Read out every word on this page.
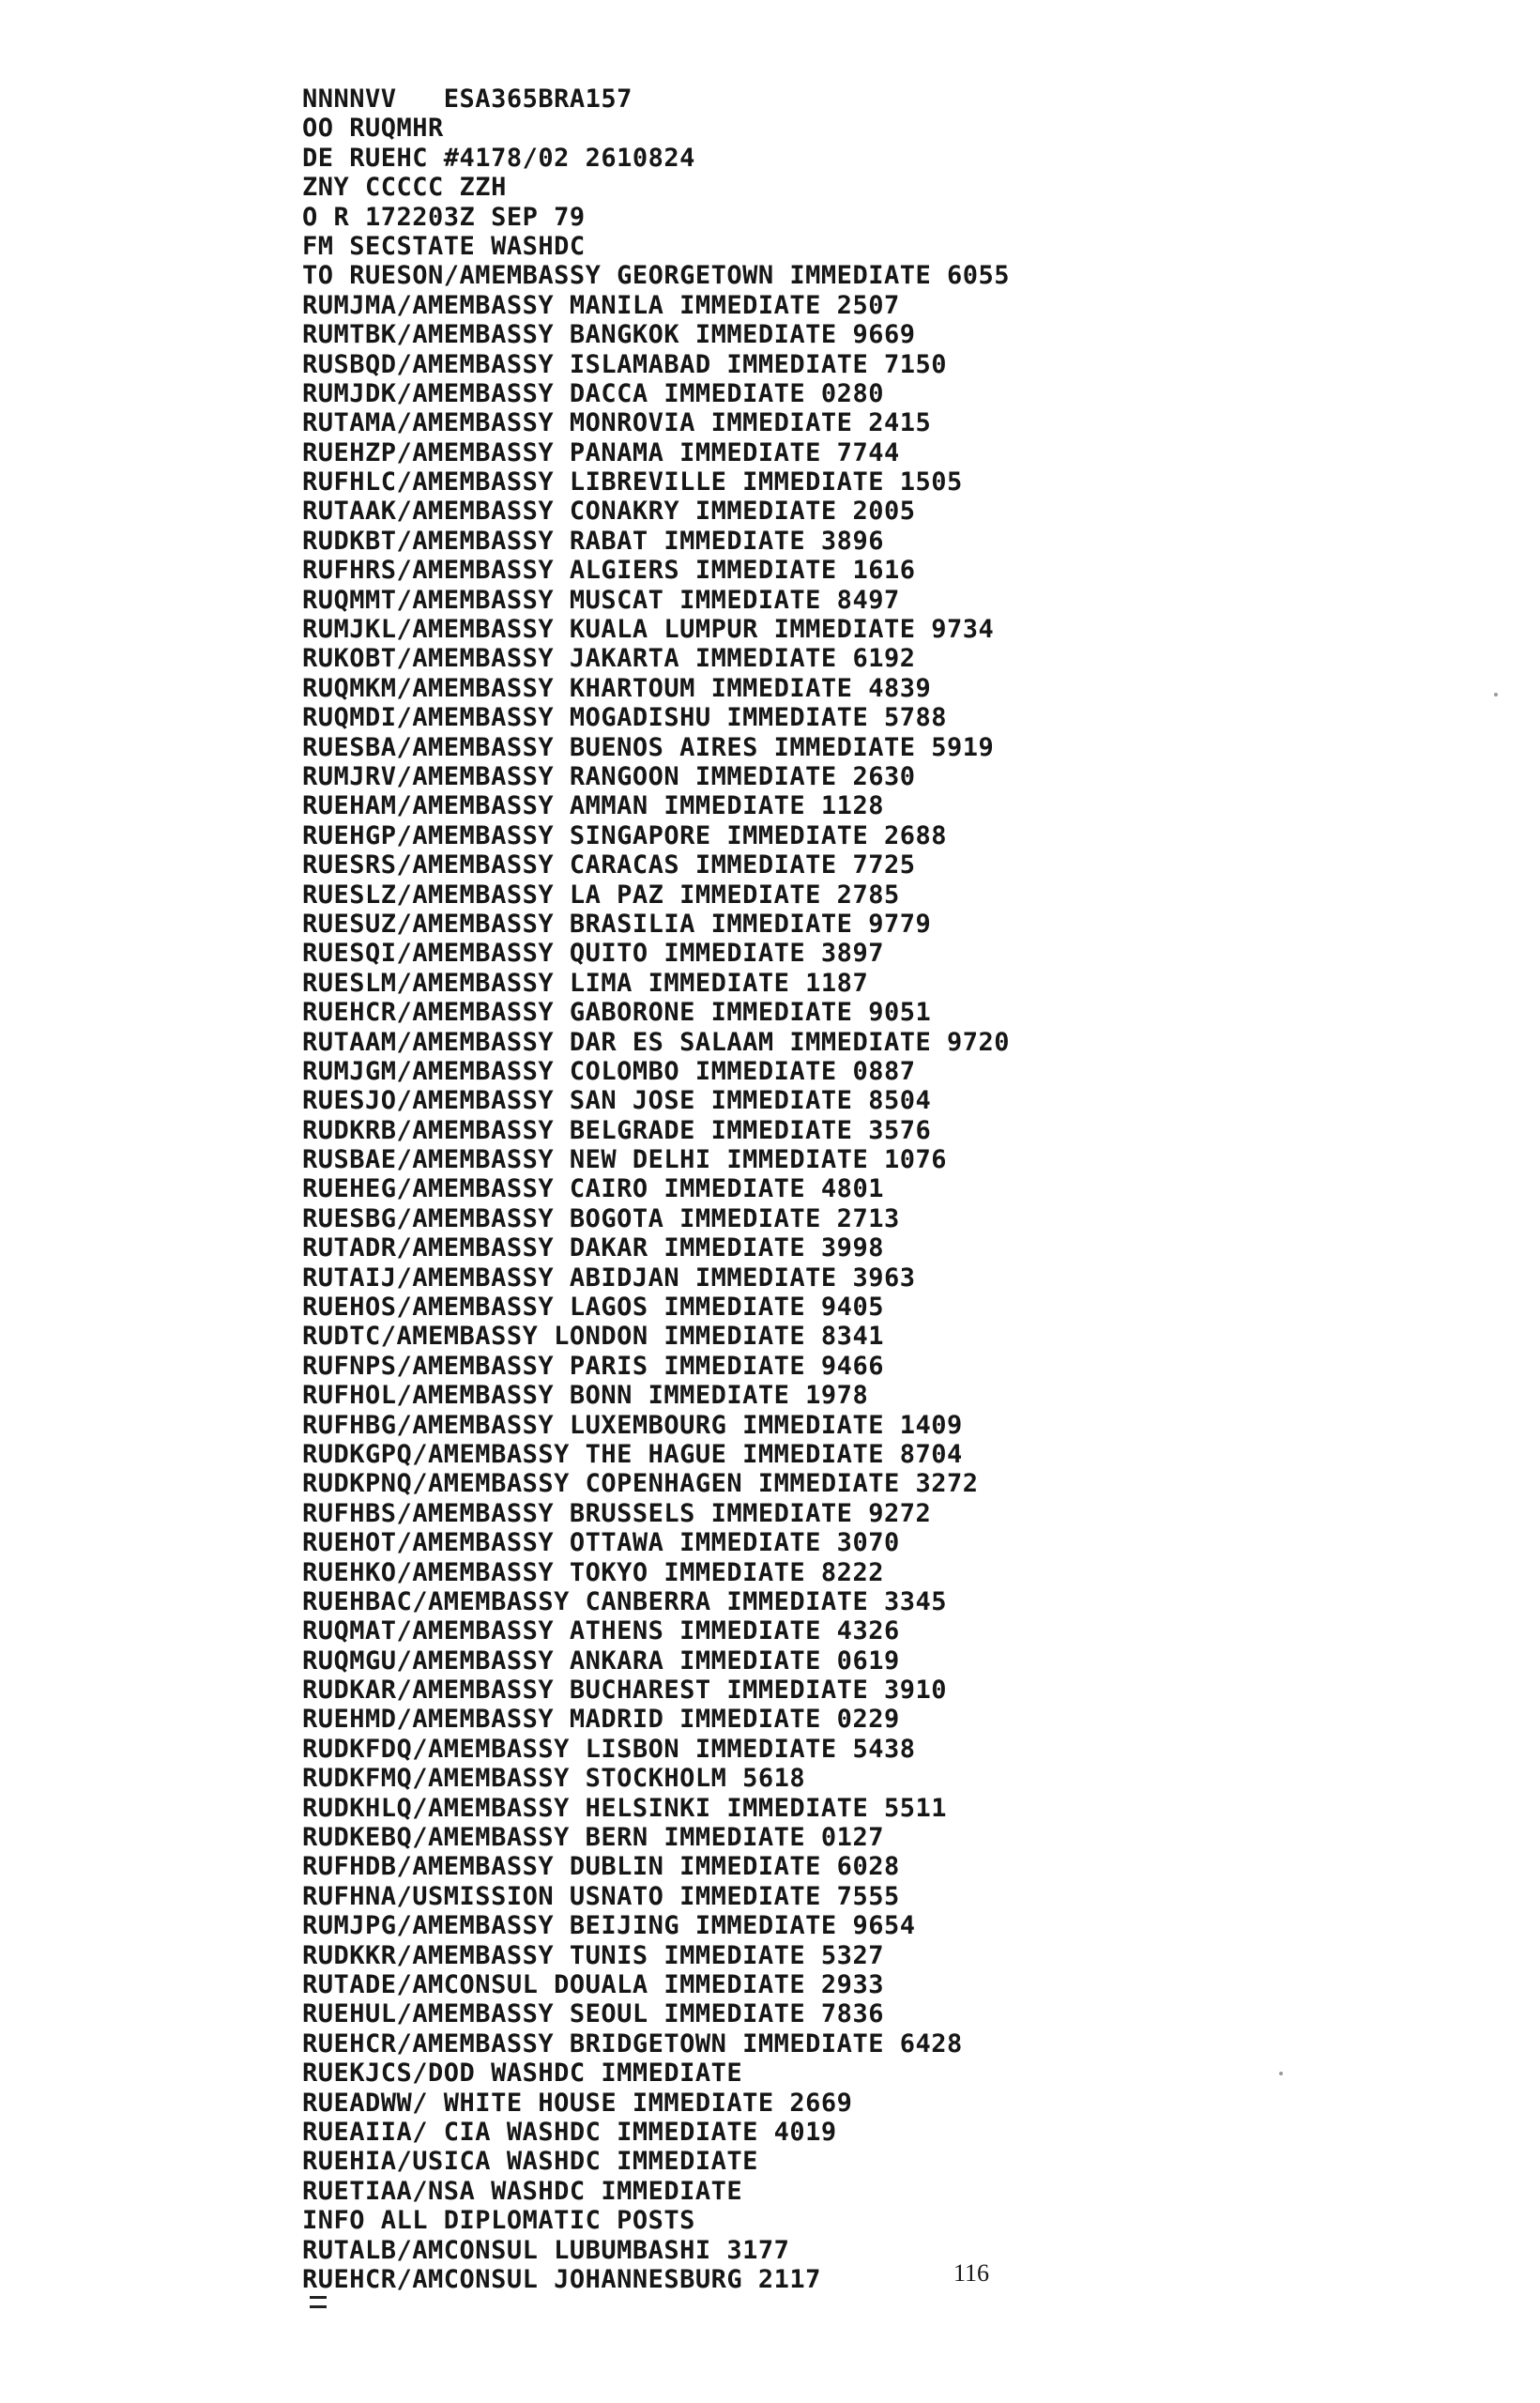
NNNNVV   ESA365BRA157
OO RUQMHR
DE RUEHC #4178/02 2610824
ZNY CCCCC ZZH
O R 172203Z SEP 79
FM SECSTATE WASHDC
TO RUESON/AMEMBASSY GEORGETOWN IMMEDIATE 6055
RUMJMA/AMEMBASSY MANILA IMMEDIATE 2507
RUMTBK/AMEMBASSY BANGKOK IMMEDIATE 9669
RUSBQD/AMEMBASSY ISLAMABAD IMMEDIATE 7150
RUMJDK/AMEMBASSY DACCA IMMEDIATE 0280
RUTAMA/AMEMBASSY MONROVIA IMMEDIATE 2415
RUEHZP/AMEMBASSY PANAMA IMMEDIATE 7744
RUFHLC/AMEMBASSY LIBREVILLE IMMEDIATE 1505
RUTAAK/AMEMBASSY CONAKRY IMMEDIATE 2005
RUDKBT/AMEMBASSY RABAT IMMEDIATE 3896
RUFHRS/AMEMBASSY ALGIERS IMMEDIATE 1616
RUQMMT/AMEMBASSY MUSCAT IMMEDIATE 8497
RUMJKL/AMEMBASSY KUALA LUMPUR IMMEDIATE 9734
RUKOBT/AMEMBASSY JAKARTA IMMEDIATE 6192
RUQMKM/AMEMBASSY KHARTOUM IMMEDIATE 4839
RUQMDI/AMEMBASSY MOGADISHU IMMEDIATE 5788
RUESBA/AMEMBASSY BUENOS AIRES IMMEDIATE 5919
RUMJRV/AMEMBASSY RANGOON IMMEDIATE 2630
RUEHAM/AMEMBASSY AMMAN IMMEDIATE 1128
RUEHGP/AMEMBASSY SINGAPORE IMMEDIATE 2688
RUESRS/AMEMBASSY CARACAS IMMEDIATE 7725
RUESLZ/AMEMBASSY LA PAZ IMMEDIATE 2785
RUESUZ/AMEMBASSY BRASILIA IMMEDIATE 9779
RUESQI/AMEMBASSY QUITO IMMEDIATE 3897
RUESLM/AMEMBASSY LIMA IMMEDIATE 1187
RUEHCR/AMEMBASSY GABORONE IMMEDIATE 9051
RUTAAM/AMEMBASSY DAR ES SALAAM IMMEDIATE 9720
RUMJGM/AMEMBASSY COLOMBO IMMEDIATE 0887
RUESJO/AMEMBASSY SAN JOSE IMMEDIATE 8504
RUDKRB/AMEMBASSY BELGRADE IMMEDIATE 3576
RUSBAE/AMEMBASSY NEW DELHI IMMEDIATE 1076
RUEHEG/AMEMBASSY CAIRO IMMEDIATE 4801
RUESBG/AMEMBASSY BOGOTA IMMEDIATE 2713
RUTADR/AMEMBASSY DAKAR IMMEDIATE 3998
RUTAIJ/AMEMBASSY ABIDJAN IMMEDIATE 3963
RUEHOS/AMEMBASSY LAGOS IMMEDIATE 9405
RUDTC/AMEMBASSY LONDON IMMEDIATE 8341
RUFNPS/AMEMBASSY PARIS IMMEDIATE 9466
RUFHOL/AMEMBASSY BONN IMMEDIATE 1978
RUFHBG/AMEMBASSY LUXEMBOURG IMMEDIATE 1409
RUDKGPQ/AMEMBASSY THE HAGUE IMMEDIATE 8704
RUDKPNQ/AMEMBASSY COPENHAGEN IMMEDIATE 3272
RUFHBS/AMEMBASSY BRUSSELS IMMEDIATE 9272
RUEHOT/AMEMBASSY OTTAWA IMMEDIATE 3070
RUEHKO/AMEMBASSY TOKYO IMMEDIATE 8222
RUEHBAC/AMEMBASSY CANBERRA IMMEDIATE 3345
RUQMAT/AMEMBASSY ATHENS IMMEDIATE 4326
RUQMGU/AMEMBASSY ANKARA IMMEDIATE 0619
RUDKAR/AMEMBASSY BUCHAREST IMMEDIATE 3910
RUEHMD/AMEMBASSY MADRID IMMEDIATE 0229
RUDKFDQ/AMEMBASSY LISBON IMMEDIATE 5438
RUDKFMQ/AMEMBASSY STOCKHOLM 5618
RUDKHLQ/AMEMBASSY HELSINKI IMMEDIATE 5511
RUDKEBQ/AMEMBASSY BERN IMMEDIATE 0127
RUFHDB/AMEMBASSY DUBLIN IMMEDIATE 6028
RUFHNA/USMISSION USNATO IMMEDIATE 7555
RUMJPG/AMEMBASSY BEIJING IMMEDIATE 9654
RUDKKR/AMEMBASSY TUNIS IMMEDIATE 5327
RUTADE/AMCONSUL DOUALA IMMEDIATE 2933
RUEHUL/AMEMBASSY SEOUL IMMEDIATE 7836
RUEHCR/AMEMBASSY BRIDGETOWN IMMEDIATE 6428
RUEKJCS/DOD WASHDC IMMEDIATE
RUEADWW/ WHITE HOUSE IMMEDIATE 2669
RUEAIIA/ CIA WASHDC IMMEDIATE 4019
RUEHIA/USICA WASHDC IMMEDIATE
RUETIAA/NSA WASHDC IMMEDIATE
INFO ALL DIPLOMATIC POSTS
RUTALB/AMCONSUL LUBUMBASHI 3177
RUEHCR/AMCONSUL JOHANNESBURG 2117	116
